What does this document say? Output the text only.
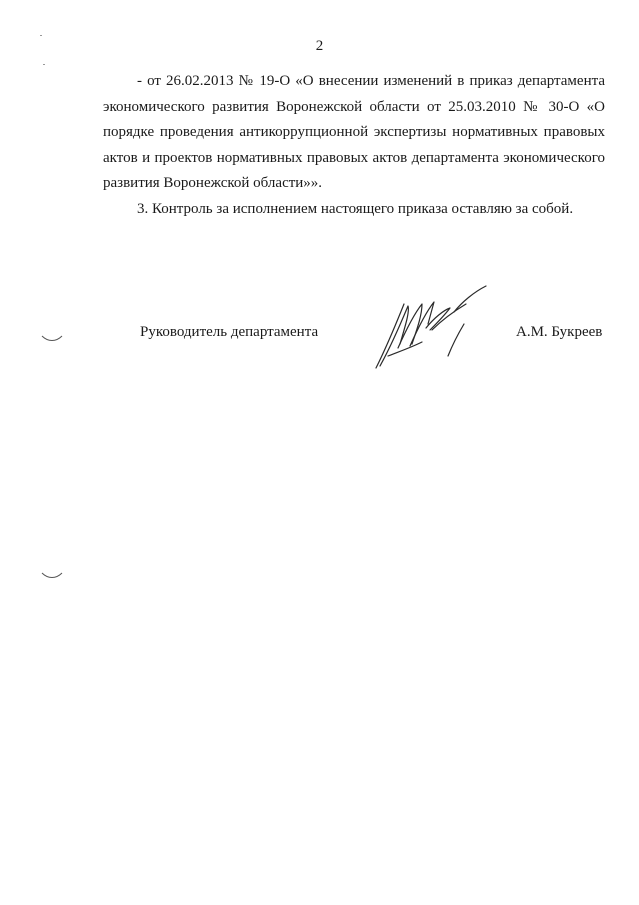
2

- от 26.02.2013 № 19-О «О внесении изменений в приказ департамента экономического развития Воронежской области от 25.03.2010 № 30-О «О порядке проведения антикоррупционной экспертизы нормативных правовых актов и проектов нормативных правовых актов департамента экономического развития Воронежской области»».

3. Контроль за исполнением настоящего приказа оставляю за собой.

Руководитель департамента	А.М. Букреев
